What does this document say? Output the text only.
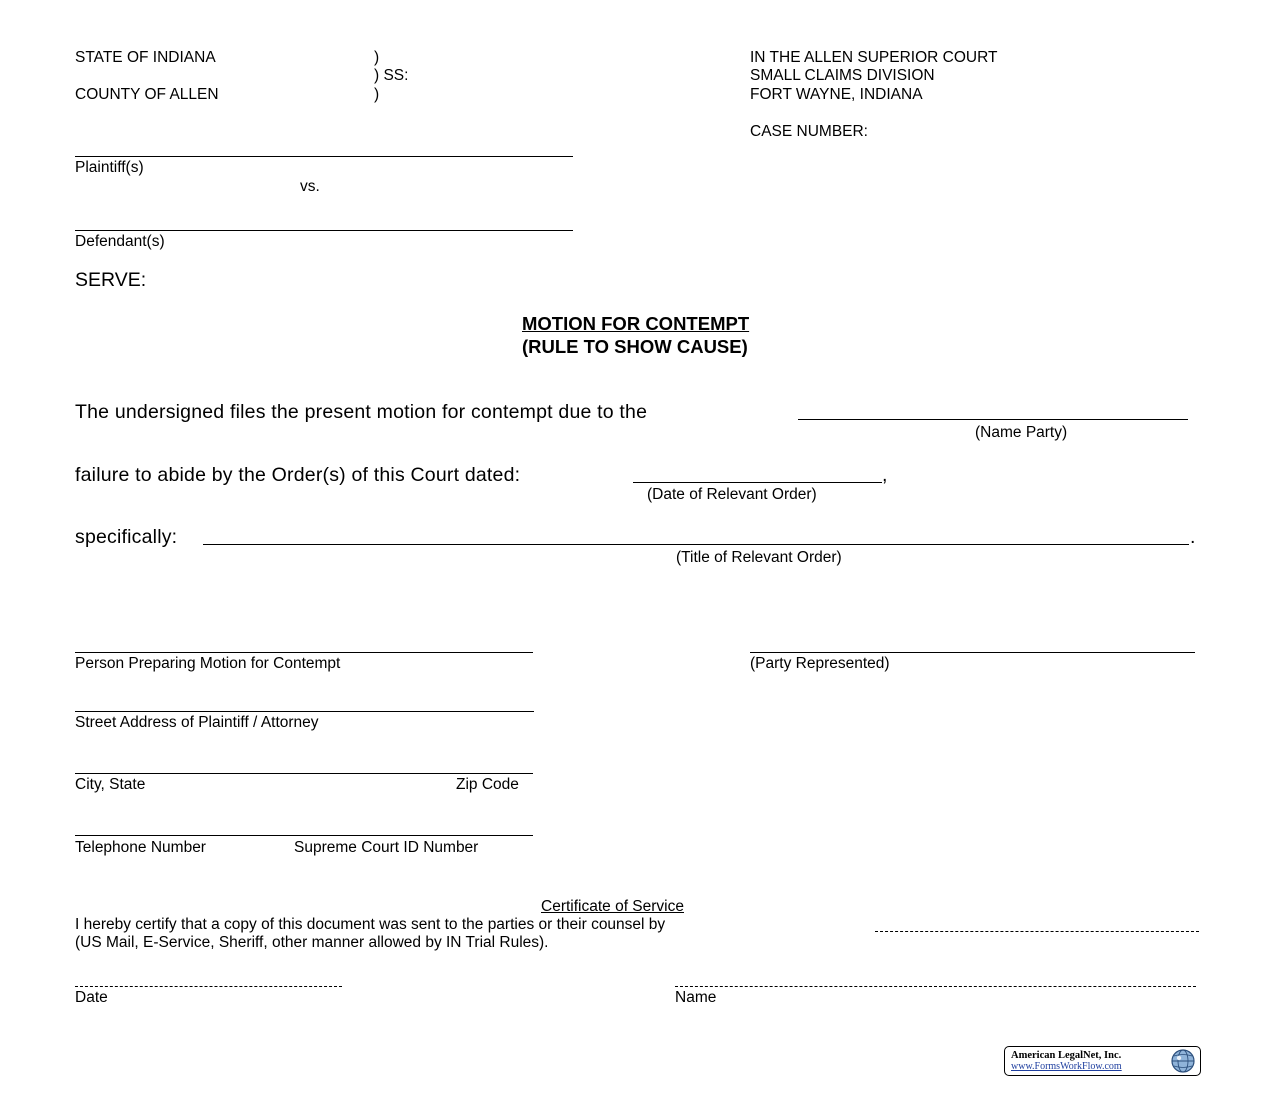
STATE OF INDIANA
COUNTY OF ALLEN
)
) SS:
)
IN THE ALLEN SUPERIOR COURT
SMALL CLAIMS DIVISION
FORT WAYNE, INDIANA
CASE NUMBER:
Plaintiff(s)
vs.
Defendant(s)
SERVE:
MOTION FOR CONTEMPT
(RULE TO SHOW CAUSE)
The undersigned files the present motion for contempt due to the
(Name Party)
failure to abide by the Order(s) of this Court dated:	,
(Date of Relevant Order)
specifically:	.
(Title of Relevant Order)
Person Preparing Motion for Contempt	(Party Represented)
Street Address of Plaintiff / Attorney
City, State	Zip Code
Telephone Number	Supreme Court ID Number
Certificate of Service
I hereby certify that a copy of this document was sent to the parties or their counsel by
(US Mail, E-Service, Sheriff, other manner allowed by IN Trial Rules).
Date	Name
American LegalNet, Inc.
www.FormsWorkFlow.com
